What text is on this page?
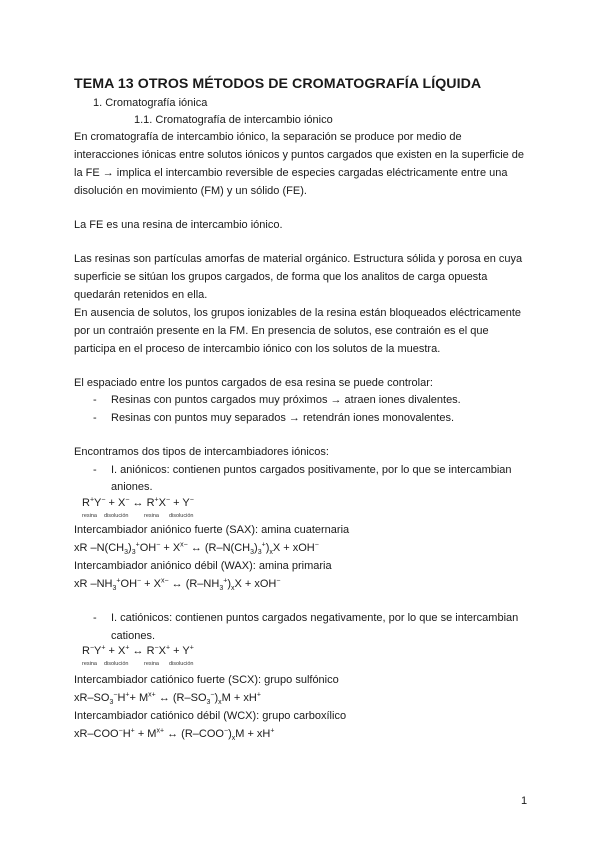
TEMA 13 OTROS MÉTODOS DE CROMATOGRAFÍA LÍQUIDA
1. Cromatografía iónica
1.1. Cromatografía de intercambio iónico
En cromatografía de intercambio iónico, la separación se produce por medio de
interacciones iónicas entre solutos iónicos y puntos cargados que existen en la superficie de
la FE → implica el intercambio reversible de especies cargadas eléctricamente entre una
disolución en movimiento (FM) y un sólido (FE).
La FE es una resina de intercambio iónico.
Las resinas son partículas amorfas de material orgánico. Estructura sólida y porosa en cuya
superficie se sitúan los grupos cargados, de forma que los analitos de carga opuesta
quedarán retenidos en ella.
En ausencia de solutos, los grupos ionizables de la resina están bloqueados eléctricamente
por un contraión presente en la FM. En presencia de solutos, ese contraión es el que
participa en el proceso de intercambio iónico con los solutos de la muestra.
El espaciado entre los puntos cargados de esa resina se puede controlar:
- Resinas con puntos cargados muy próximos → atraen iones divalentes.
- Resinas con puntos muy separados → retendrán iones monovalentes.
Encontramos dos tipos de intercambiadores iónicos:
- I. aniónicos: contienen puntos cargados positivamente, por lo que se intercambian
aniones.
R+Y− + X− ↔ R+X− + Y−
resina disolución	resina disolución
Intercambiador aniónico fuerte (SAX): amina cuaternaria
xR $-N(CH_3)_3^+OH^- + X^{x-}$ ↔ $(R-N(CH_3)_3^+)_xX + xOH^-$
Intercambiador aniónico débil (WAX): amina primaria
xR $-NH_3^+OH^- + X^{x-}$ ↔ $(R-NH_3^+)_xX + xOH^-$
- I. catiónicos: contienen puntos cargados negativamente, por lo que se intercambian
cationes.
R−Y+ + X+ ↔ R−X+ + Y+
resina disolución	resina disolución
Intercambiador catiónico fuerte (SCX): grupo sulfónico
$xR-SO_3^-H^++ M^{x+}$ ↔ $(R-SO_3^-)_xM + xH^+$
Intercambiador catiónico débil (WCX): grupo carboxílico
$xR-COO^-H^+ + M^{x+}$ ↔ $(R-COO^-)_xM + xH^+$
1
